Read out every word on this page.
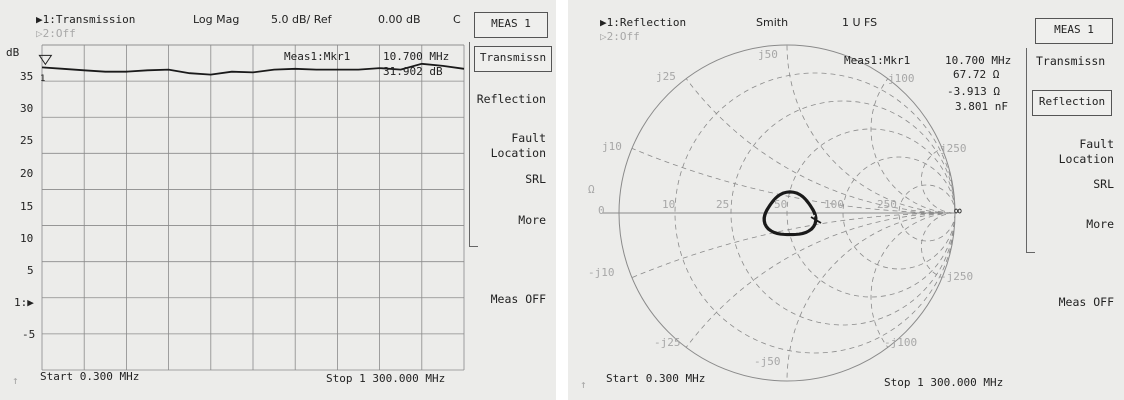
▶1:Transmission
▷2:Off
Log Mag	5.0 dB/ Ref	0.00 dB	C	MEAS 1
Meas1:Mkr1	10.700 MHz
31.902 dB
dB
1
35
30
25
20
15
10
5
1:▶
-5
↑ Start 0.300 MHz	Stop 1 300.000 MHz
Transmissn
Reflection
Fault
Location
SRL
More
Meas OFF
▶1:Reflection
▷2:Off
Smith	1 U FS
MEAS 1
Meas1:Mkr1	10.700 MHz
67.72 Ω
-3.913 Ω
3.801 nF
j50
j25	j100
j10	j250
Ω
0	10	25	50	100	250	∞
-j10	-j250
-j25	-j100
-j50
↑ Start 0.300 MHz	Stop 1 300.000 MHz
Transmissn
Reflection
Fault
Location
SRL
More
Meas OFF
